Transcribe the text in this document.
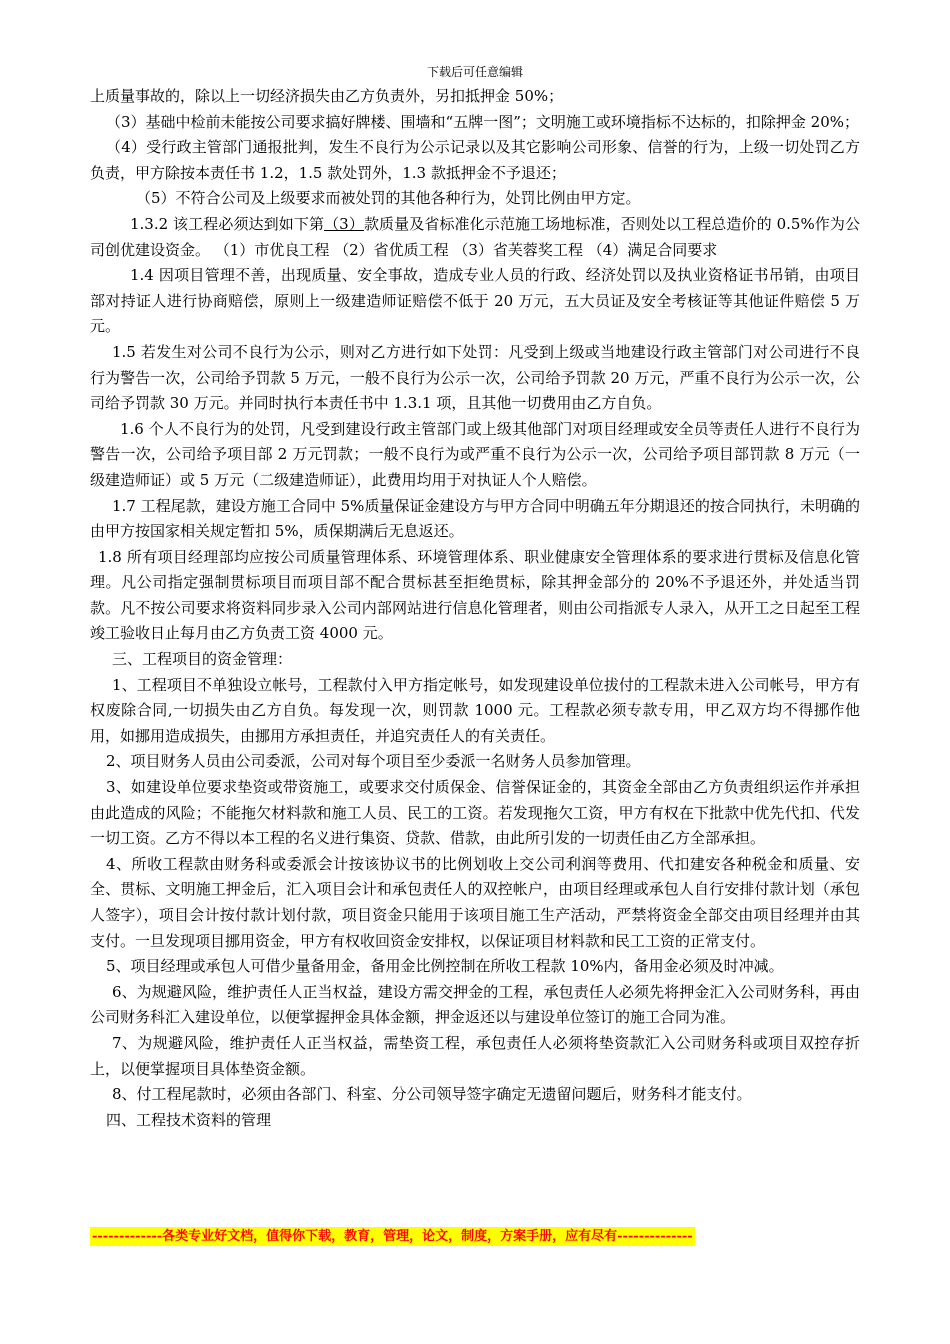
下载后可任意编辑

上质量事故的，除以上一切经济损失由乙方负责外，另扣抵押金 50%；

（3）基础中检前未能按公司要求搞好牌楼、围墙和“五牌一图”；文明施工或环境指标不达标的，扣除押金 20%；

（4）受行政主管部门通报批判，发生不良行为公示记录以及其它影响公司形象、信誉的行为，上级一切处罚乙方负责，甲方除按本责任书 1.2，1.5 款处罚外，1.3 款抵押金不予退还；

（5）不符合公司及上级要求而被处罚的其他各种行为，处罚比例由甲方定。

1.3.2 该工程必须达到如下第（3）款质量及省标准化示范施工场地标准，否则处以工程总造价的 0.5%作为公司创优建设资金。 （1）市优良工程 （2）省优质工程 （3）省芙蓉奖工程 （4）满足合同要求

1.4 因项目管理不善，出现质量、安全事故，造成专业人员的行政、经济处罚以及执业资格证书吊销，由项目部对持证人进行协商赔偿，原则上一级建造师证赔偿不低于 20 万元，五大员证及安全考核证等其他证件赔偿 5 万元。

1.5 若发生对公司不良行为公示，则对乙方进行如下处罚：凡受到上级或当地建设行政主管部门对公司进行不良行为警告一次，公司给予罚款 5 万元，一般不良行为公示一次，公司给予罚款 20 万元，严重不良行为公示一次，公司给予罚款 30 万元。并同时执行本责任书中 1.3.1 项，且其他一切费用由乙方自负。

1.6 个人不良行为的处罚，凡受到建设行政主管部门或上级其他部门对项目经理或安全员等责任人进行不良行为警告一次，公司给予项目部 2 万元罚款；一般不良行为或严重不良行为公示一次，公司给予项目部罚款 8 万元（一级建造师证）或 5 万元（二级建造师证），此费用均用于对执证人个人赔偿。

1.7 工程尾款，建设方施工合同中 5%质量保证金建设方与甲方合同中明确五年分期退还的按合同执行，未明确的由甲方按国家相关规定暂扣 5%，质保期满后无息返还。

1.8 所有项目经理部均应按公司质量管理体系、环境管理体系、职业健康安全管理体系的要求进行贯标及信息化管理。凡公司指定强制贯标项目而项目部不配合贯标甚至拒绝贯标，除其押金部分的 20%不予退还外，并处适当罚款。凡不按公司要求将资料同步录入公司内部网站进行信息化管理者，则由公司指派专人录入，从开工之日起至工程竣工验收日止每月由乙方负责工资 4000 元。

三、工程项目的资金管理：

1、工程项目不单独设立帐号，工程款付入甲方指定帐号，如发现建设单位拔付的工程款未进入公司帐号，甲方有权废除合同,一切损失由乙方自负。每发现一次，则罚款 1000 元。工程款必须专款专用，甲乙双方均不得挪作他用，如挪用造成损失，由挪用方承担责任，并追究责任人的有关责任。

2、项目财务人员由公司委派，公司对每个项目至少委派一名财务人员参加管理。

3、如建设单位要求垫资或带资施工，或要求交付质保金、信誉保证金的，其资金全部由乙方负责组织运作并承担由此造成的风险；不能拖欠材料款和施工人员、民工的工资。若发现拖欠工资，甲方有权在下批款中优先代扣、代发一切工资。乙方不得以本工程的名义进行集资、贷款、借款，由此所引发的一切责任由乙方全部承担。

4、所收工程款由财务科或委派会计按该协议书的比例划收上交公司利润等费用、代扣建安各种税金和质量、安全、贯标、文明施工押金后，汇入项目会计和承包责任人的双控帐户，由项目经理或承包人自行安排付款计划（承包人签字），项目会计按付款计划付款，项目资金只能用于该项目施工生产活动，严禁将资金全部交由项目经理并由其支付。一旦发现项目挪用资金，甲方有权收回资金安排权，以保证项目材料款和民工工资的正常支付。

5、项目经理或承包人可借少量备用金，备用金比例控制在所收工程款 10%内，备用金必须及时冲减。

6、为规避风险，维护责任人正当权益，建设方需交押金的工程，承包责任人必须先将押金汇入公司财务科，再由公司财务科汇入建设单位，以便掌握押金具体金额，押金返还以与建设单位签订的施工合同为准。

7、为规避风险，维护责任人正当权益，需垫资工程，承包责任人必须将垫资款汇入公司财务科或项目双控存折上，以便掌握项目具体垫资金额。

8、付工程尾款时，必须由各部门、科室、分公司领导签字确定无遗留问题后，财务科才能支付。

四、工程技术资料的管理

-------------各类专业好文档，值得你下载，教育，管理，论文，制度，方案手册，应有尽有--------------
